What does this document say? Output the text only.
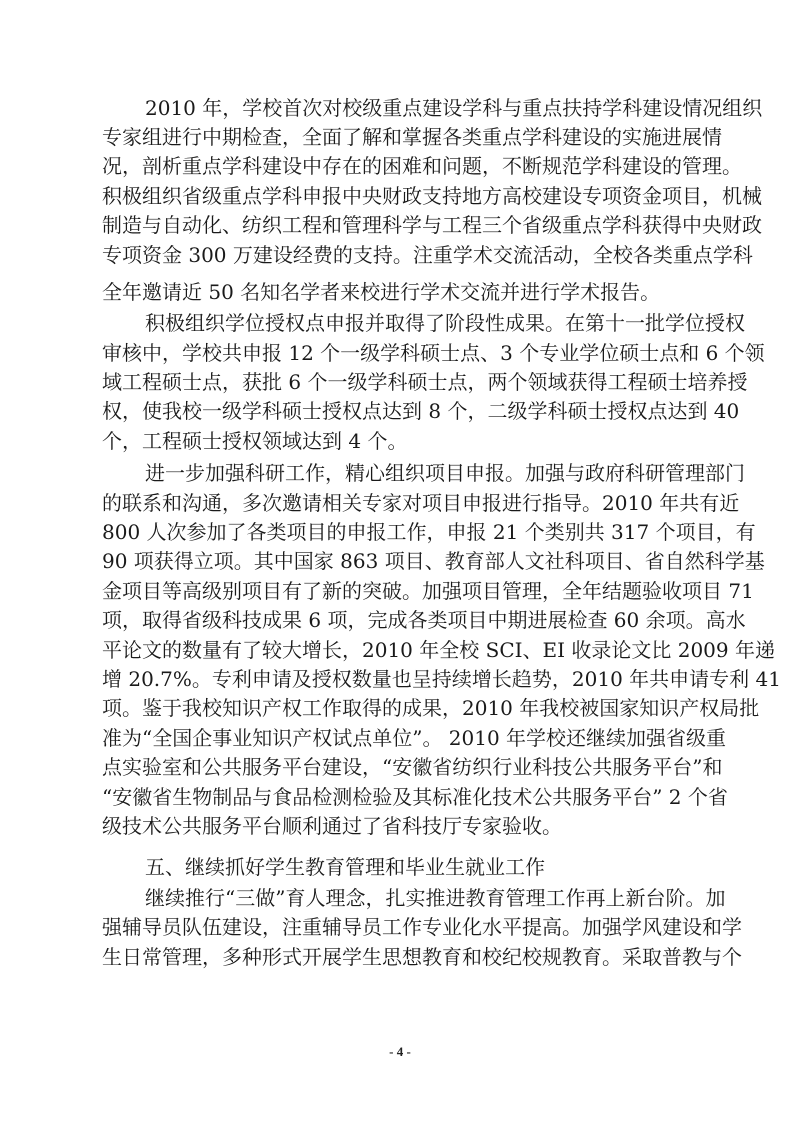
2010 年，学校首次对校级重点建设学科与重点扶持学科建设情况组织
专家组进行中期检查，全面了解和掌握各类重点学科建设的实施进展情
况，剖析重点学科建设中存在的困难和问题，不断规范学科建设的管理。
积极组织省级重点学科申报中央财政支持地方高校建设专项资金项目，机械
制造与自动化、纺织工程和管理科学与工程三个省级重点学科获得中央财政
专项资金 300 万建设经费的支持。注重学术交流活动，全校各类重点学科
全年邀请近 50 名知名学者来校进行学术交流并进行学术报告。
积极组织学位授权点申报并取得了阶段性成果。在第十一批学位授权
审核中，学校共申报 12 个一级学科硕士点、3 个专业学位硕士点和 6 个领
域工程硕士点，获批 6 个一级学科硕士点，两个领域获得工程硕士培养授
权，使我校一级学科硕士授权点达到 8 个，二级学科硕士授权点达到 40
个，工程硕士授权领域达到 4 个。
进一步加强科研工作，精心组织项目申报。加强与政府科研管理部门
的联系和沟通，多次邀请相关专家对项目申报进行指导。2010 年共有近
800 人次参加了各类项目的申报工作，申报 21 个类别共 317 个项目，有
90 项获得立项。其中国家 863 项目、教育部人文社科项目、省自然科学基
金项目等高级别项目有了新的突破。加强项目管理，全年结题验收项目 71
项，取得省级科技成果 6 项，完成各类项目中期进展检查 60 余项。高水
平论文的数量有了较大增长，2010 年全校 SCI、EI 收录论文比 2009 年递
增 20.7%。专利申请及授权数量也呈持续增长趋势，2010 年共申请专利 41
项。鉴于我校知识产权工作取得的成果，2010 年我校被国家知识产权局批
准为“全国企事业知识产权试点单位”。 2010 年学校还继续加强省级重
点实验室和公共服务平台建设，“安徽省纺织行业科技公共服务平台”和
“安徽省生物制品与食品检测检验及其标准化技术公共服务平台” 2 个省
级技术公共服务平台顺利通过了省科技厅专家验收。
五、继续抓好学生教育管理和毕业生就业工作
继续推行“三做”育人理念，扎实推进教育管理工作再上新台阶。加
强辅导员队伍建设，注重辅导员工作专业化水平提高。加强学风建设和学
生日常管理，多种形式开展学生思想教育和校纪校规教育。采取普教与个
- 4 -
